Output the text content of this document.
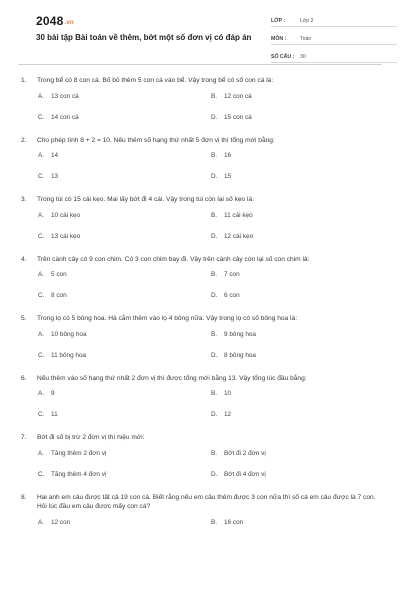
2048.vn
30 bài tập Bài toán về thêm, bớt một số đơn vị có đáp án
LỚP :	Lớp 2
MÔN :	Toán
SỐ CÂU :	30
1.	Trong bể có 8 con cá. Bố bỏ thêm 5 con cá vào bể. Vậy trong bể có số con cá là:
A.	13 con cá	B.	12 con cá
C.	14 con cá	D.	15 con cá
2.	Cho phép tính 8 + 2 = 10. Nếu thêm số hạng thứ nhất 5 đơn vị thì tổng mới bằng:
A.	14	B.	16
C.	13	D.	15
3.	Trong túi có 15 cái kẹo. Mai lấy bớt đi 4 cái. Vậy trong túi còn lại số kẹo là:
A.	10 cái kẹo	B.	11 cái kẹo
C.	13 cái kẹo	D.	12 cái kẹo
4.	Trên cành cây có 9 con chim. Có 3 con chim bay đi. Vậy trên cành cây còn lại số con chim là:
A.	5 con	B.	7 con
C.	8 con	D.	6 con
5.	Trong lọ có 5 bông hoa. Hà cắm thêm vào lọ 4 bông nữa. Vậy trong lọ có số bông hoa là:
A.	10 bông hoa	B.	9 bông hoa
C.	11 bông hoa	D.	8 bông hoa
6.	Nếu thêm vào số hạng thứ nhất 2 đơn vị thì được tổng mới bằng 13. Vậy tổng lúc đầu bằng:
A.	9	B.	10
C.	11	D.	12
7.	Bớt đi số bị trừ 2 đơn vị thì hiệu mới:
A.	Tăng thêm 2 đơn vị	B.	Bớt đi 2 đơn vị
C.	Tăng thêm 4 đơn vị	D.	Bớt đi 4 đơn vị
8.	Hai anh em câu được tất cả 19 con cá. Biết rằng nếu em câu thêm được 3 con nữa thì số cá em câu được là 7 con. Hỏi lúc đầu em câu được mấy con cá?
A.	12 con	B.	16 con
